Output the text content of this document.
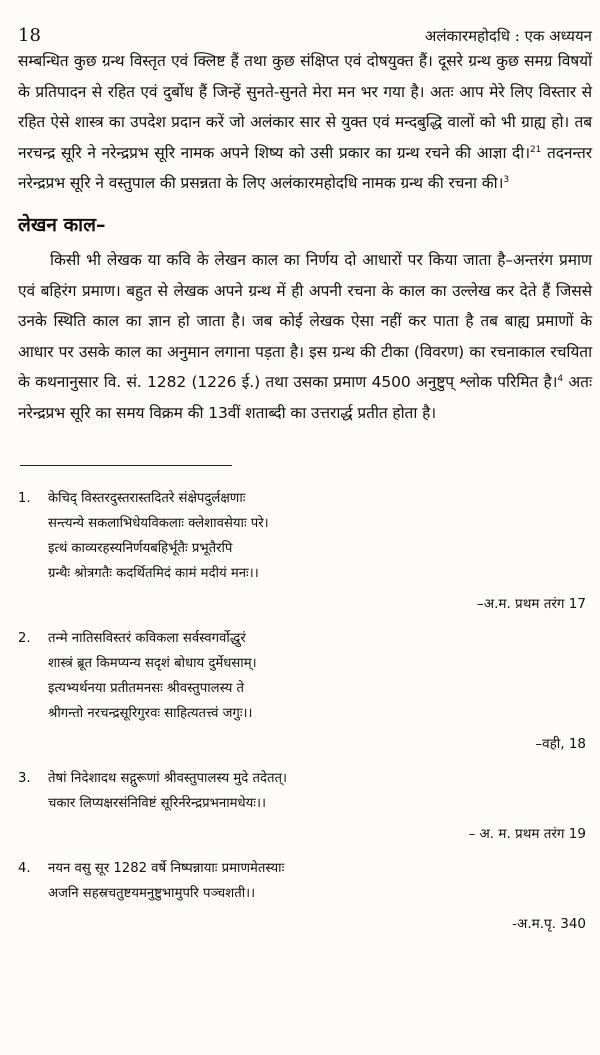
18	अलंकारमहोदधि : एक अध्ययन

सम्बन्धित कुछ ग्रन्थ विस्तृत एवं क्लिष्ट हैं तथा कुछ संक्षिप्त एवं दोषयुक्त हैं। दूसरे ग्रन्थ कुछ समग्र विषयों के प्रतिपादन से रहित एवं दुर्बोध हैं जिन्हें सुनते-सुनते मेरा मन भर गया है। अतः आप मेरे लिए विस्तार से रहित ऐसे शास्त्र का उपदेश प्रदान करें जो अलंकार सार से युक्त एवं मन्दबुद्धि वालों को भी ग्राह्य हो। तब नरचन्द्र सूरि ने नरेन्द्रप्रभ सूरि नामक अपने शिष्य को उसी प्रकार का ग्रन्थ रचने की आज्ञा दी।$^{21}$ तदनन्तर नरेन्द्रप्रभ सूरि ने वस्तुपाल की प्रसन्नता के लिए अलंकारमहोदधि नामक ग्रन्थ की रचना की।$^3$

लेखन काल–

किसी भी लेखक या कवि के लेखन काल का निर्णय दो आधारों पर किया जाता है–अन्तरंग प्रमाण एवं बहिरंग प्रमाण। बहुत से लेखक अपने ग्रन्थ में ही अपनी रचना के काल का उल्लेख कर देते हैं जिससे उनके स्थिति काल का ज्ञान हो जाता है। जब कोई लेखक ऐसा नहीं कर पाता है तब बाह्य प्रमाणों के आधार पर उसके काल का अनुमान लगाना पड़ता है। इस ग्रन्थ की टीका (विवरण) का रचनाकाल रचयिता के कथनानुसार वि. सं. 1282 (1226 ई.) तथा उसका प्रमाण 4500 अनुष्टुप् श्लोक परिमित है।$^4$ अतः नरेन्द्रप्रभ सूरि का समय विक्रम की 13वीं शताब्दी का उत्तरार्द्ध प्रतीत होता है।

1. केचिद् विस्तरदुस्तरास्तदितरे संक्षेपदुर्लक्षणाः
सन्त्यन्ये सकलाभिधेयविकलाः क्लेशावसेयाः परे।
इत्थं काव्यरहस्यनिर्णयबहिर्भूतैः प्रभूतैरपि
ग्रन्थैः श्रोत्रगतैः कदर्थितमिदं कामं मदीयं मनः।।
–अ.म. प्रथम तरंग 17
2. तन्मे नातिसविस्तरं कविकला सर्वस्वगर्वोद्धुरं
शास्त्रं ब्रूत किमप्यन्य सदृशं बोधाय दुर्मेधसाम्।
इत्यभ्यर्थनया प्रतीतमनसः श्रीवस्तुपालस्य ते
श्रीगन्तो नरचन्द्रसूरिगुरवः साहित्यतत्त्वं जगुः।।
–वही, 18
3. तेषां निदेशादथ सद्गुरूणां श्रीवस्तुपालस्य मुदे तदेतत्।
चकार लिप्यक्षरसंनिविष्टं सूरिर्नरेन्द्रप्रभनामधेयः।।
– अ. म. प्रथम तरंग 19
4. नयन वसु सूर 1282 वर्षे निष्पन्नायाः प्रमाणमेतस्याः
अजनि सहस्रचतुष्टयमनुष्टुभामुपरि पञ्चशती।।
-अ.म.पृ. 340
